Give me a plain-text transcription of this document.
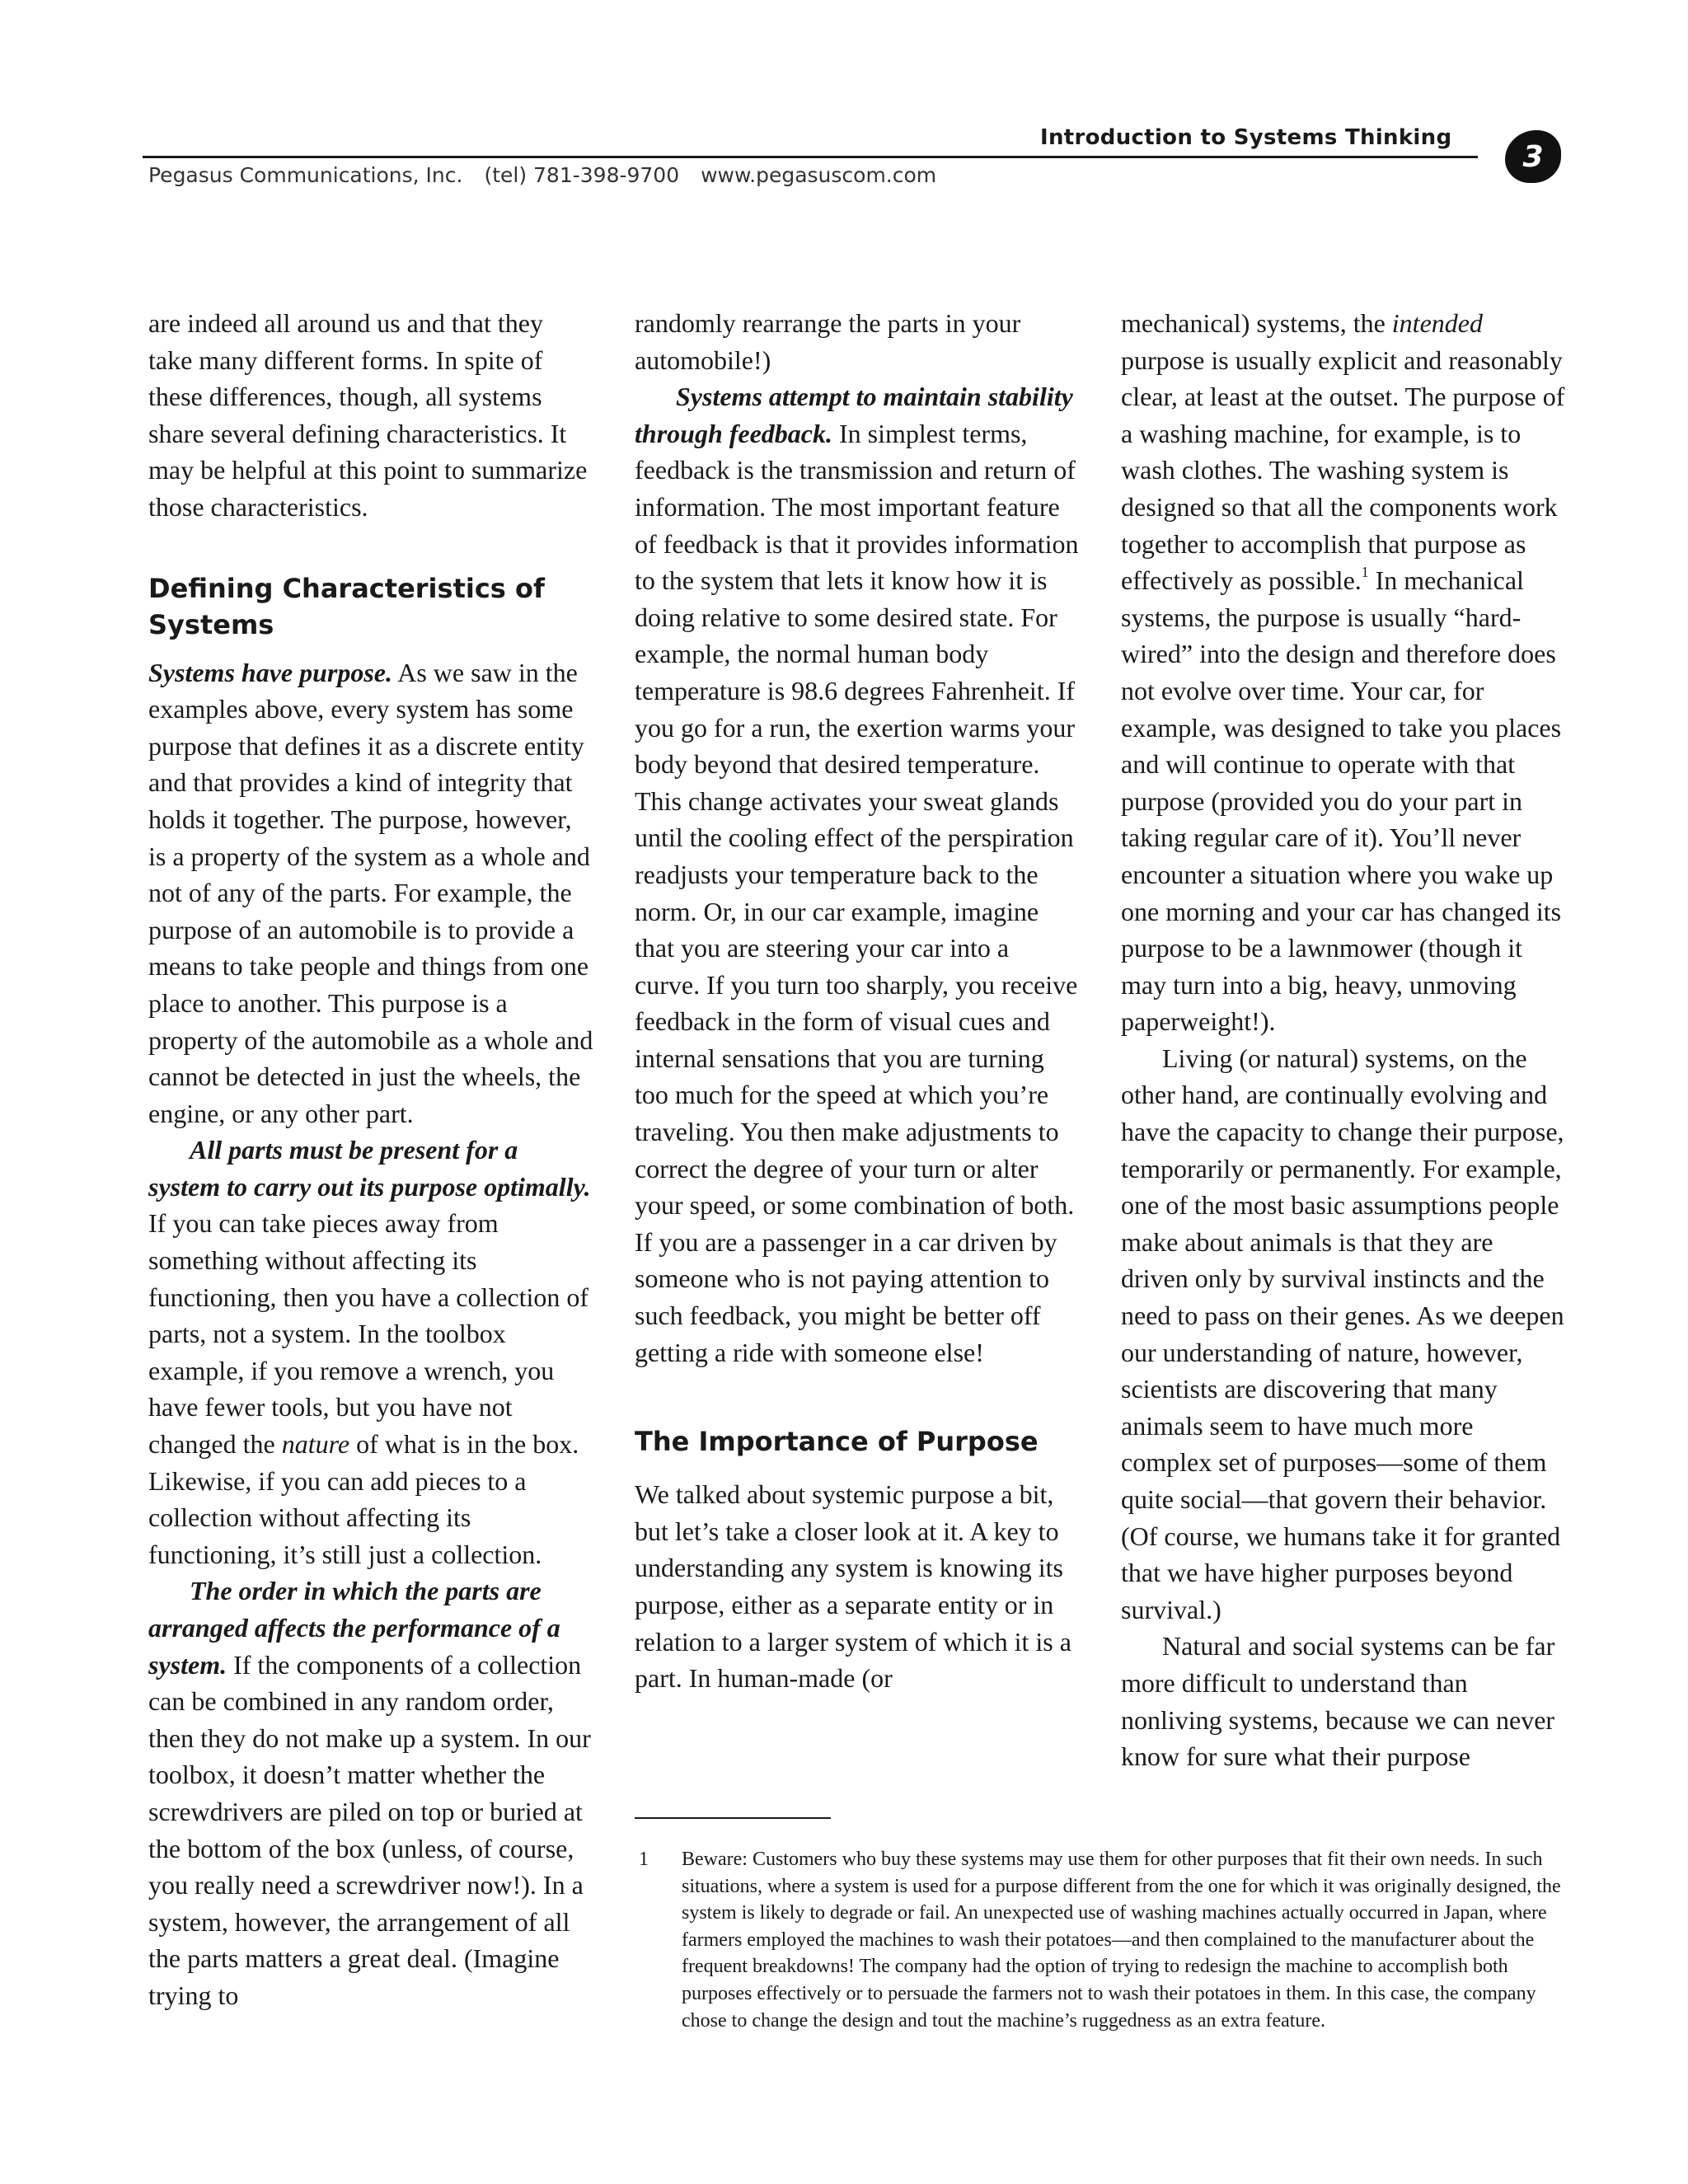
Introduction to Systems Thinking
Pegasus Communications, Inc. (tel) 781-398-9700 www.pegasuscom.com
3

are indeed all around us and that they take many different forms. In spite of these differences, though, all systems share several defining characteristics. It may be helpful at this point to summarize those characteristics.

Defining Characteristics of Systems

Systems have purpose. As we saw in the examples above, every system has some purpose that defines it as a discrete entity and that provides a kind of integrity that holds it together. The purpose, however, is a property of the system as a whole and not of any of the parts. For example, the purpose of an automobile is to provide a means to take people and things from one place to another. This purpose is a property of the automobile as a whole and cannot be detected in just the wheels, the engine, or any other part.

All parts must be present for a system to carry out its purpose optimally. If you can take pieces away from something without affecting its functioning, then you have a collection of parts, not a system. In the toolbox example, if you remove a wrench, you have fewer tools, but you have not changed the nature of what is in the box. Likewise, if you can add pieces to a collection without affecting its functioning, it’s still just a collection.

The order in which the parts are arranged affects the performance of a system. If the components of a collection can be combined in any random order, then they do not make up a system. In our toolbox, it doesn’t matter whether the screwdrivers are piled on top or buried at the bottom of the box (unless, of course, you really need a screwdriver now!). In a system, however, the arrangement of all the parts matters a great deal. (Imagine trying to

randomly rearrange the parts in your automobile!)

Systems attempt to maintain stability through feedback. In simplest terms, feedback is the transmission and return of information. The most important feature of feedback is that it provides information to the system that lets it know how it is doing relative to some desired state. For example, the normal human body temperature is 98.6 degrees Fahrenheit. If you go for a run, the exertion warms your body beyond that desired temperature. This change activates your sweat glands until the cooling effect of the perspiration readjusts your temperature back to the norm. Or, in our car example, imagine that you are steering your car into a curve. If you turn too sharply, you receive feedback in the form of visual cues and internal sensations that you are turning too much for the speed at which you’re traveling. You then make adjustments to correct the degree of your turn or alter your speed, or some combination of both. If you are a passenger in a car driven by someone who is not paying attention to such feedback, you might be better off getting a ride with someone else!

The Importance of Purpose

We talked about systemic purpose a bit, but let’s take a closer look at it. A key to understanding any system is knowing its purpose, either as a separate entity or in relation to a larger system of which it is a part. In human-made (or

mechanical) systems, the intended purpose is usually explicit and reasonably clear, at least at the outset. The purpose of a washing machine, for example, is to wash clothes. The washing system is designed so that all the components work together to accomplish that purpose as effectively as possible.$^1$ In mechanical systems, the purpose is usually “hard-wired” into the design and therefore does not evolve over time. Your car, for example, was designed to take you places and will continue to operate with that purpose (provided you do your part in taking regular care of it). You’ll never encounter a situation where you wake up one morning and your car has changed its purpose to be a lawnmower (though it may turn into a big, heavy, unmoving paperweight!).

Living (or natural) systems, on the other hand, are continually evolving and have the capacity to change their purpose, temporarily or permanently. For example, one of the most basic assumptions people make about animals is that they are driven only by survival instincts and the need to pass on their genes. As we deepen our understanding of nature, however, scientists are discovering that many animals seem to have much more complex set of purposes—some of them quite social—that govern their behavior. (Of course, we humans take it for granted that we have higher purposes beyond survival.)

Natural and social systems can be far more difficult to understand than nonliving systems, because we can never know for sure what their purpose

1 Beware: Customers who buy these systems may use them for other purposes that fit their own needs. In such situations, where a system is used for a purpose different from the one for which it was originally designed, the system is likely to degrade or fail. An unexpected use of washing machines actually occurred in Japan, where farmers employed the machines to wash their potatoes—and then complained to the manufacturer about the frequent breakdowns! The company had the option of trying to redesign the machine to accomplish both purposes effectively or to persuade the farmers not to wash their potatoes in them. In this case, the company chose to change the design and tout the machine’s ruggedness as an extra feature.
